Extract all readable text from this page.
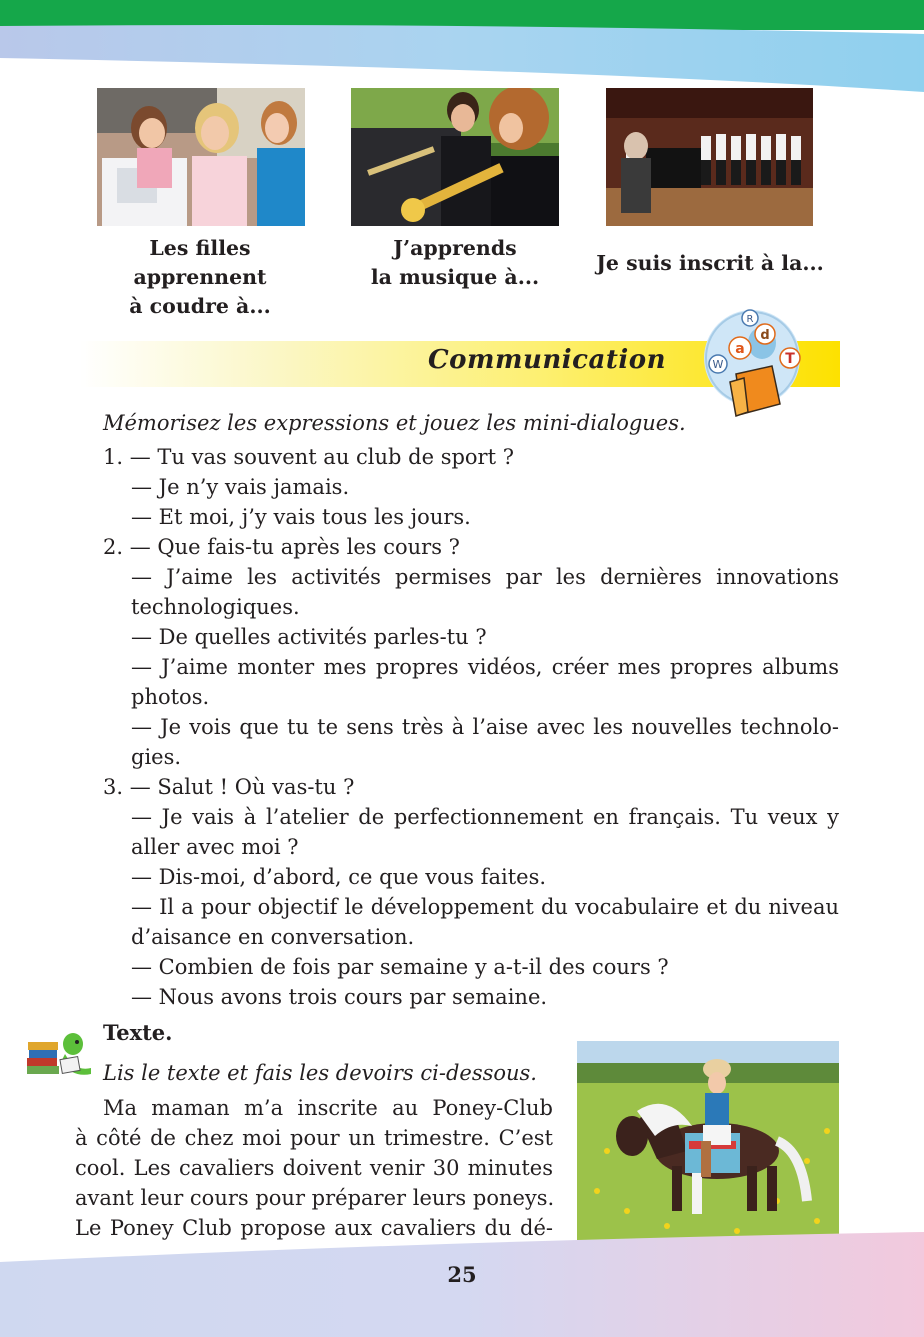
Les filles apprennent
à coudre à...
J’apprends
la musique à...
Je suis inscrit à la...
Communication	a
d
T
W
R
Mémorisez les expressions et jouez les mini-dialogues.
1. — Tu vas souvent au club de sport ?
— Je n’y vais jamais.
— Et moi, j’y vais tous les jours.
2. — Que fais-tu après les cours ?
— J’aime les activités permises par les dernières innovations
technologiques.
— De quelles activités parles-tu ?
— J’aime monter mes propres vidéos, créer mes propres albums
photos.
— Je vois que tu te sens très à l’aise avec les nouvelles technolo-
gies.
3. — Salut ! Où vas-tu ?
— Je vais à l’atelier de perfectionnement en français. Tu veux y
aller avec moi ?
— Dis-moi, d’abord, ce que vous faites.
— Il a pour objectif le développement du vocabulaire et du niveau
d’aisance en conversation.
— Combien de fois par semaine y a-t-il des cours ?
— Nous avons trois cours par semaine.
Texte.
Lis le texte et fais les devoirs ci-dessous.
Ma maman m’a inscrite au Poney-Club
à côté de chez moi pour un trimestre. C’est
cool. Les cavaliers doivent venir 30 minutes
avant leur cours pour préparer leurs poneys.
Le Poney Club propose aux cavaliers du dé-
25
